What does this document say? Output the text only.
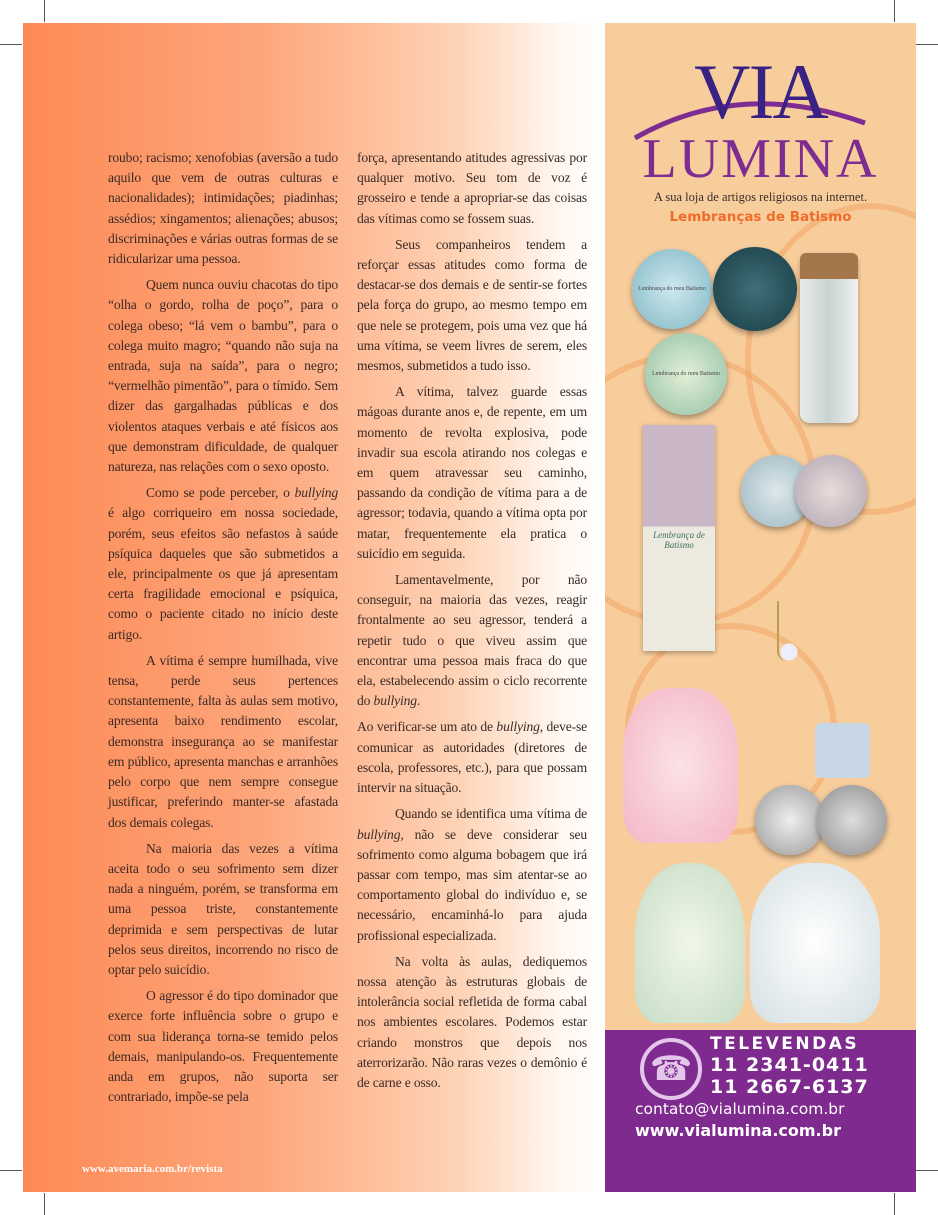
roubo; racismo; xenofobias (aversão a tudo aquilo que vem de outras culturas e nacionalidades); intimidações; piadinhas; assédios; xingamentos; alienações; abusos; discriminações e várias outras formas de se ridicularizar uma pessoa.

Quem nunca ouviu chacotas do tipo “olha o gordo, rolha de poço”, para o colega obeso; “lá vem o bambu”, para o colega muito magro; “quando não suja na entrada, suja na saída”, para o negro; “vermelhão pimentão”, para o tímido. Sem dizer das gargalhadas públicas e dos violentos ataques verbais e até físicos aos que demonstram dificuldade, de qualquer natureza, nas relações com o sexo oposto.

Como se pode perceber, o bullying é algo corriqueiro em nossa sociedade, porém, seus efeitos são nefastos à saúde psíquica daqueles que são submetidos a ele, principalmente os que já apresentam certa fragilidade emocional e psíquica, como o paciente citado no início deste artigo.

A vítima é sempre humilhada, vive tensa, perde seus pertences constantemente, falta às aulas sem motivo, apresenta baixo rendimento escolar, demonstra insegurança ao se manifestar em público, apresenta manchas e arranhões pelo corpo que nem sempre consegue justificar, preferindo manter-se afastada dos demais colegas.

Na maioria das vezes a vítima aceita todo o seu sofrimento sem dizer nada a ninguém, porém, se transforma em uma pessoa triste, constantemente deprimida e sem perspectivas de lutar pelos seus direitos, incorrendo no risco de optar pelo suicídio.

O agressor é do tipo dominador que exerce forte influência sobre o grupo e com sua liderança torna-se temido pelos demais, manipulando-os. Frequentemente anda em grupos, não suporta ser contrariado, impõe-se pela

força, apresentando atitudes agressivas por qualquer motivo. Seu tom de voz é grosseiro e tende a apropriar-se das coisas das vítimas como se fossem suas.

Seus companheiros tendem a reforçar essas atitudes como forma de destacar-se dos demais e de sentir-se fortes pela força do grupo, ao mesmo tempo em que nele se protegem, pois uma vez que há uma vítima, se veem livres de serem, eles mesmos, submetidos a tudo isso.

A vítima, talvez guarde essas mágoas durante anos e, de repente, em um momento de revolta explosiva, pode invadir sua escola atirando nos colegas e em quem atravessar seu caminho, passando da condição de vítima para a de agressor; todavia, quando a vítima opta por matar, frequentemente ela pratica o suicídio em seguida.

Lamentavelmente, por não conseguir, na maioria das vezes, reagir frontalmente ao seu agressor, tenderá a repetir tudo o que viveu assim que encontrar uma pessoa mais fraca do que ela, estabelecendo assim o ciclo recorrente do bullying.

Ao verificar-se um ato de bullying, deve-se comunicar as autoridades (diretores de escola, professores, etc.), para que possam intervir na situação.

Quando se identifica uma vítima de bullying, não se deve considerar seu sofrimento como alguma bobagem que irá passar com tempo, mas sim atentar-se ao comportamento global do indivíduo e, se necessário, encaminhá-lo para ajuda profissional especializada.

Na volta às aulas, dediquemos nossa atenção às estruturas globais de intolerância social refletida de forma cabal nos ambientes escolares. Podemos estar criando monstros que depois nos aterrorizarão. Não raras vezes o demônio é de carne e osso.

www.avemaria.com.br/revista
VIA
LUMINA
A sua loja de artigos religiosos na internet.
Lembranças de Batismo
Lembrança do meu Batismo
Lembrança do meu Batismo
Lembrança de Batismo
☎
TELEVENDAS
11 2341-0411
11 2667-6137
contato@vialumina.com.br
www.vialumina.com.br
